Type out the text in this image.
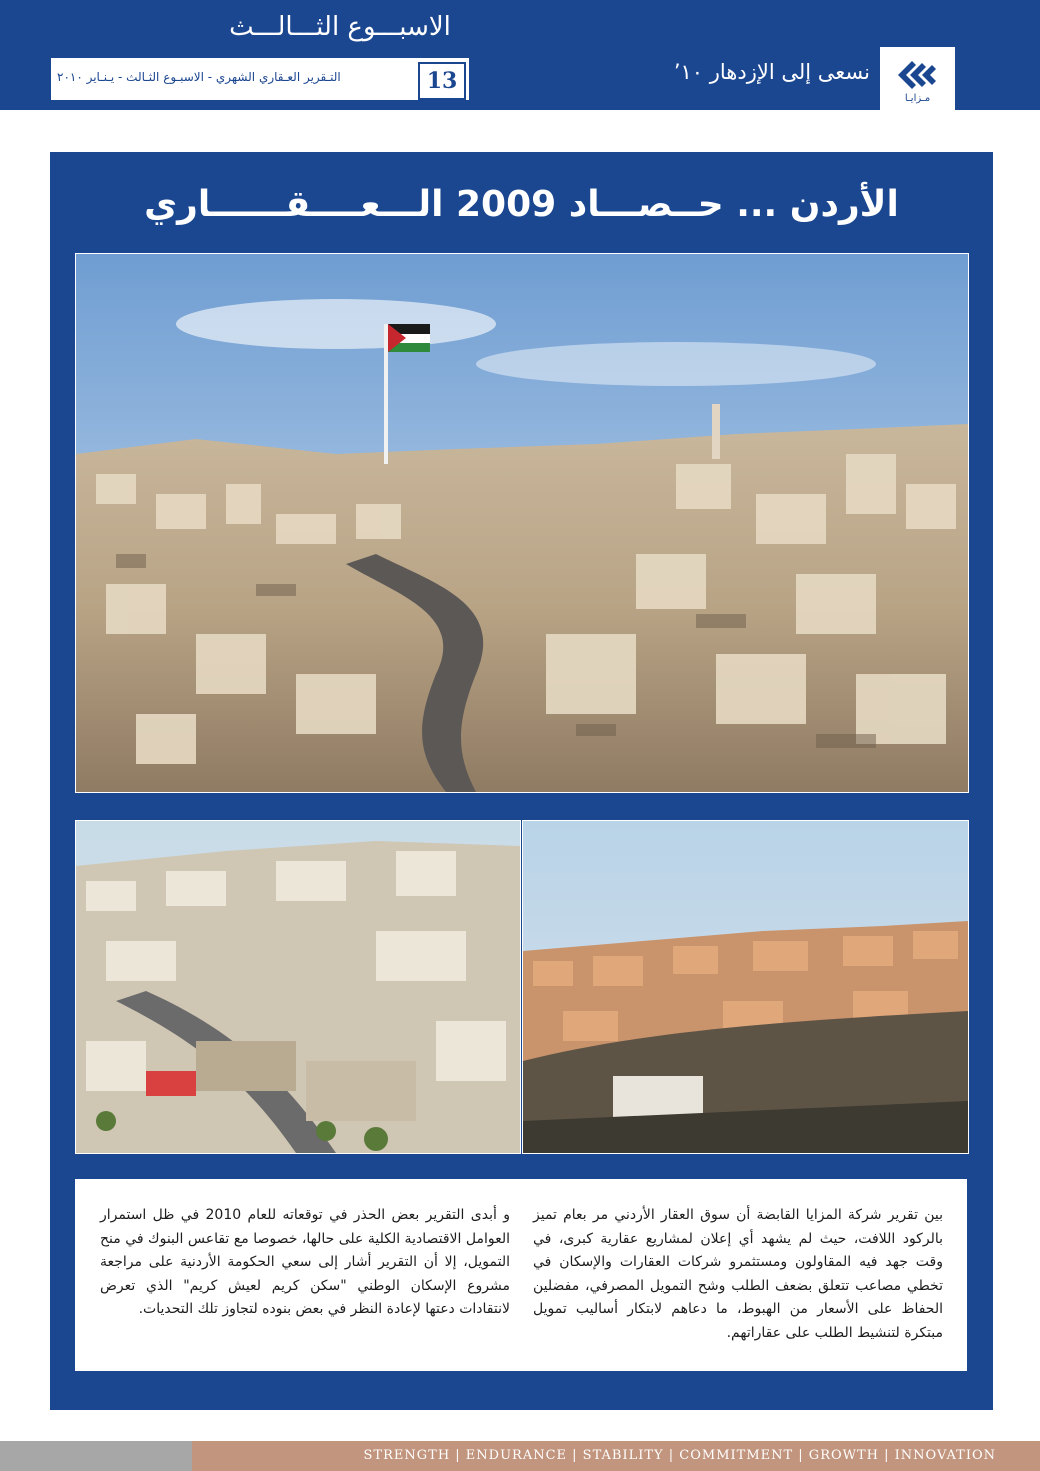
الاسبـــوع الثـــالـــث
التـقرير العـقاري الشهري - الاسبـوع الثـالث - يـنـاير ٢٠١٠	13	نسعى إلى الإزدهار ١٠’
مـزايـا
الأردن ... حــصـــاد 2009 الـــعــــقــــــاري
بين تقرير شركة المزايا القابضة أن سوق العقار الأردني مر بعام تميز بالركود اللافت، حيث لم يشهد أي إعلان لمشاريع عقارية كبرى، في وقت جهد فيه المقاولون ومستثمرو شركات العقارات والإسكان في تخطي مصاعب تتعلق بضعف الطلب وشح التمويل المصرفي، مفضلين الحفاظ على الأسعار من الهبوط، ما دعاهم لابتكار أساليب تمويل مبتكرة لتنشيط الطلب على عقاراتهم.
و أبدى التقرير بعض الحذر في توقعاته للعام 2010 في ظل استمرار العوامل الاقتصادية الكلية على حالها، خصوصا مع تقاعس البنوك في منح التمويل، إلا أن التقرير أشار إلى سعي الحكومة الأردنية على مراجعة مشروع الإسكان الوطني "سكن كريم لعيش كريم" الذي تعرض لانتقادات دعتها لإعادة النظر في بعض بنوده لتجاوز تلك التحديات.
STRENGTH | ENDURANCE | STABILITY | COMMITMENT | GROWTH | INNOVATION
